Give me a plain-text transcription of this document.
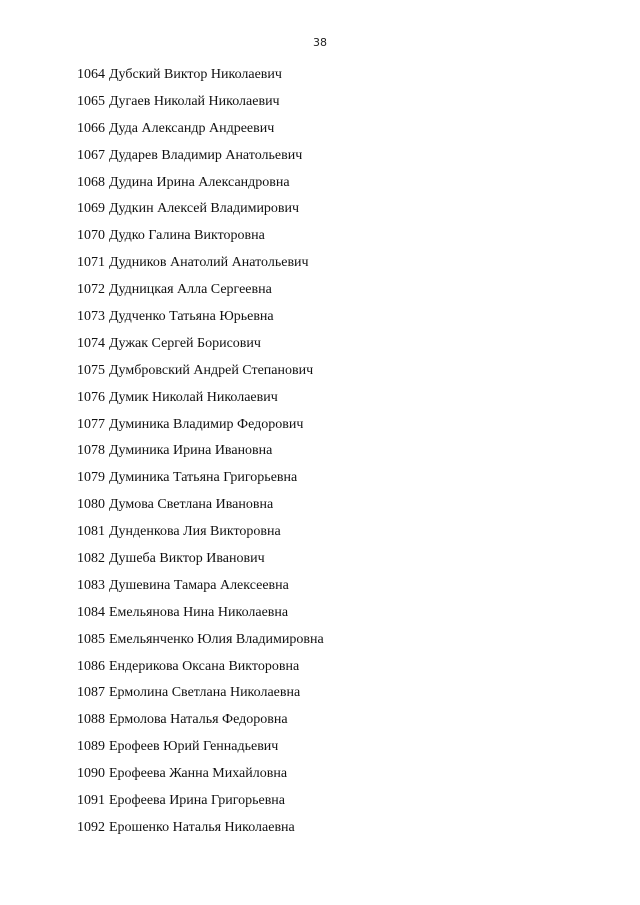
38
1064 Дубский Виктор Николаевич
1065 Дугаев Николай Николаевич
1066 Дуда Александр Андреевич
1067 Дударев Владимир Анатольевич
1068 Дудина Ирина Александровна
1069 Дудкин Алексей Владимирович
1070 Дудко Галина Викторовна
1071 Дудников Анатолий Анатольевич
1072 Дудницкая Алла Сергеевна
1073 Дудченко Татьяна Юрьевна
1074 Дужак Сергей Борисович
1075 Думбровский Андрей Степанович
1076 Думик Николай Николаевич
1077 Думиника Владимир Федорович
1078 Думиника Ирина Ивановна
1079 Думиника Татьяна Григорьевна
1080 Думова Светлана Ивановна
1081 Дунденкова Лия Викторовна
1082 Душеба Виктор Иванович
1083 Душевина Тамара Алексеевна
1084 Емельянова Нина Николаевна
1085 Емельянченко Юлия Владимировна
1086 Ендерикова Оксана Викторовна
1087 Ермолина Светлана Николаевна
1088 Ермолова Наталья Федоровна
1089 Ерофеев Юрий Геннадьевич
1090 Ерофеева Жанна Михайловна
1091 Ерофеева Ирина Григорьевна
1092 Ерошенко Наталья Николаевна
